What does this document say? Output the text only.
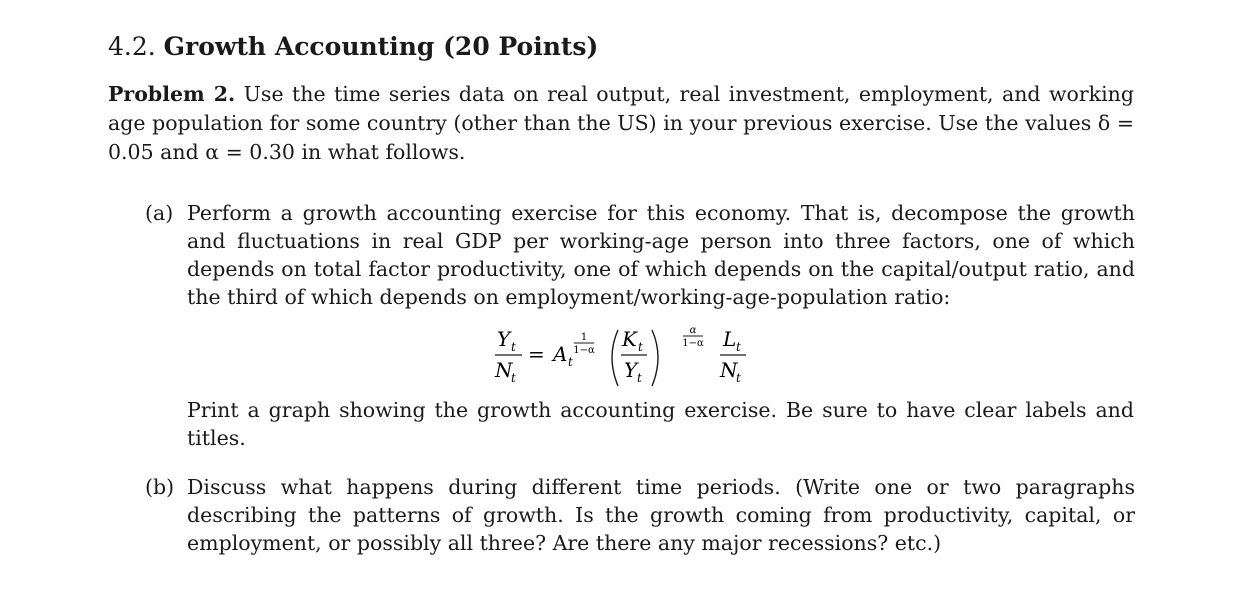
4.2. Growth Accounting (20 Points)
Problem 2. Use the time series data on real output, real investment, employment, and working age population for some country (other than the US) in your previous exercise. Use the values δ = 0.05 and α = 0.30 in what follows.
(a) Perform a growth accounting exercise for this economy. That is, decompose the growth and fluctuations in real GDP per working-age person into three factors, one of which depends on total factor productivity, one of which depends on the capital/output ratio, and the third of which depends on employment/working-age-population ratio:
Y t
N
t
= A t
1
1−α K t
Y t
α
1−α L t
N
t
Print a graph showing the growth accounting exercise. Be sure to have clear labels and titles.
(b) Discuss what happens during different time periods. (Write one or two paragraphs describing the patterns of growth. Is the growth coming from productivity, capital, or employment, or possibly all three? Are there any major recessions? etc.)
